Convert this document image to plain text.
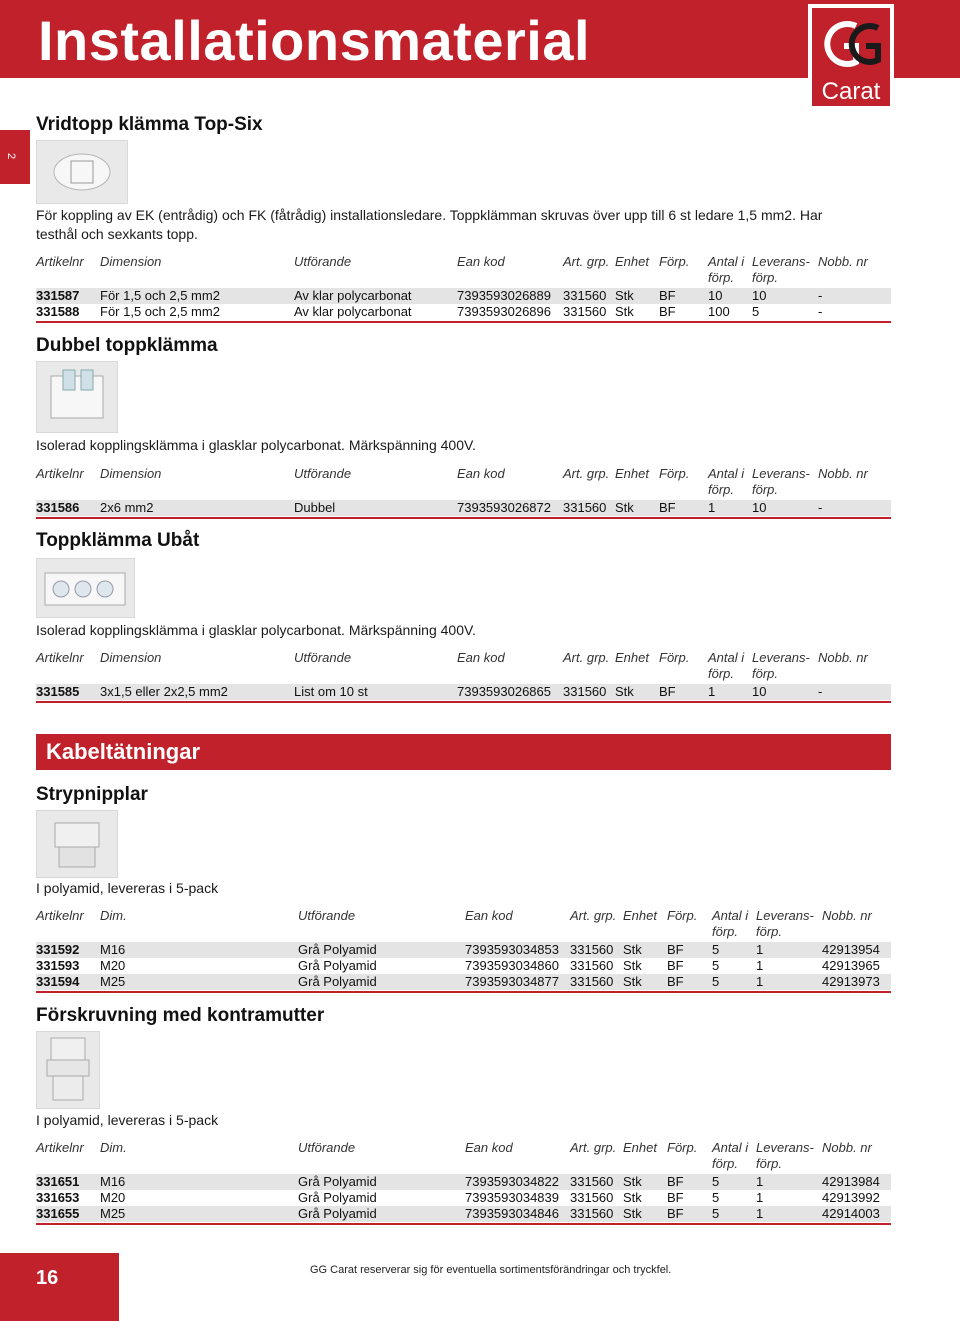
Installationsmaterial
Carat
2
Vridtopp klämma Top-Six
För koppling av EK (entrådig) och FK (fåtrådig) installationsledare. Toppklämman skruvas över upp till 6 st ledare 1,5 mm2. Har testhål och sexkants topp.
Artikelnr Dimension	Utförande	Ean kod	Art. grp. Enhet Förp. Antal i förp.
Leverans- förp.
Nobb. nr
331587 För 1,5 och 2,5 mm2	Av klar polycarbonat	7393593026889 331560 Stk BF 10 10	-
331588 För 1,5 och 2,5 mm2	Av klar polycarbonat	7393593026896 331560 Stk BF 100 5	-
Dubbel toppklämma
Isolerad kopplingsklämma i glasklar polycarbonat. Märkspänning 400V.
Artikelnr Dimension	Utförande	Ean kod	Art. grp. Enhet Förp. Antal i förp.
Leverans- förp.
Nobb. nr
331586 2x6 mm2	Dubbel	7393593026872 331560 Stk BF 1	10	-
Toppklämma Ubåt
Isolerad kopplingsklämma i glasklar polycarbonat. Märkspänning 400V.
Artikelnr Dimension	Utförande	Ean kod	Art. grp. Enhet Förp. Antal i förp.
Leverans- förp.
Nobb. nr
331585 3x1,5 eller 2x2,5 mm2	List om 10 st	7393593026865 331560 Stk BF 1	10	-
Kabeltätningar
Strypnipplar
I polyamid, levereras i 5-pack
Artikelnr Dim.	Utförande	Ean kod	Art. grp. Enhet Förp. Antal i förp.
Leverans- förp.
Nobb. nr
331592 M16	Grå Polyamid	7393593034853 331560 Stk BF 5	1	42913954
331593 M20	Grå Polyamid	7393593034860 331560 Stk BF 5	1	42913965
331594 M25	Grå Polyamid	7393593034877 331560 Stk BF 5	1	42913973
Förskruvning med kontramutter
I polyamid, levereras i 5-pack
Artikelnr Dim.	Utförande	Ean kod	Art. grp. Enhet Förp. Antal i förp.
Leverans- förp.
Nobb. nr
331651 M16	Grå Polyamid	7393593034822 331560 Stk BF 5	1	42913984
331653 M20	Grå Polyamid	7393593034839 331560 Stk BF 5	1	42913992
331655 M25	Grå Polyamid	7393593034846 331560 Stk BF 5	1	42914003
16	GG Carat reserverar sig för eventuella sortimentsförändringar och tryckfel.
